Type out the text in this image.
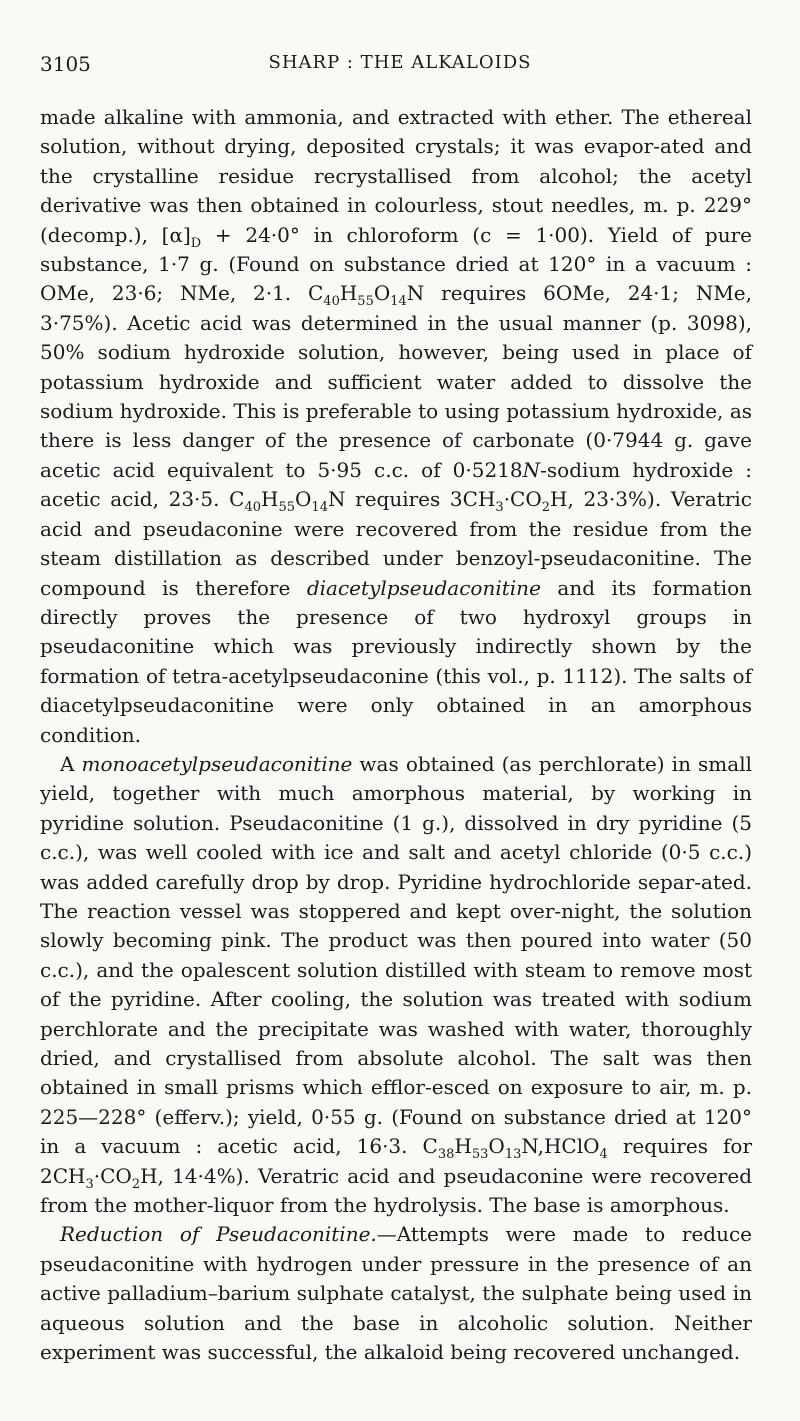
3105	SHARP : THE ALKALOIDS

made alkaline with ammonia, and extracted with ether. The ethereal solution, without drying, deposited crystals; it was evapor-ated and the crystalline residue recrystallised from alcohol; the acetyl derivative was then obtained in colourless, stout needles, m. p. 229° (decomp.), $[\alpha]_D + 24\cdot 0^\circ$ in chloroform (c = 1·00). Yield of pure substance, 1·7 g. (Found on substance dried at 120° in a vacuum : OMe, 23·6; NMe, 2·1. $C_{40}H_{55}O_{14}N$ requires 6OMe, 24·1; NMe, 3·75%). Acetic acid was determined in the usual manner (p. 3098), 50% sodium hydroxide solution, however, being used in place of potassium hydroxide and sufficient water added to dissolve the sodium hydroxide. This is preferable to using potassium hydroxide, as there is less danger of the presence of carbonate (0·7944 g. gave acetic acid equivalent to 5·95 c.c. of 0·5218N-sodium hydroxide : acetic acid, 23·5. $C_{40}H_{55}O_{14}N$ requires $3CH_3\cdot CO_2H$, 23·3%). Veratric acid and pseudaconine were recovered from the residue from the steam distillation as described under benzoyl-pseudaconitine. The compound is therefore diacetylpseudaconitine and its formation directly proves the presence of two hydroxyl groups in pseudaconitine which was previously indirectly shown by the formation of tetra-acetylpseudaconine (this vol., p. 1112). The salts of diacetylpseudaconitine were only obtained in an amorphous condition.

A monoacetylpseudaconitine was obtained (as perchlorate) in small yield, together with much amorphous material, by working in pyridine solution. Pseudaconitine (1 g.), dissolved in dry pyridine (5 c.c.), was well cooled with ice and salt and acetyl chloride (0·5 c.c.) was added carefully drop by drop. Pyridine hydrochloride separ-ated. The reaction vessel was stoppered and kept over-night, the solution slowly becoming pink. The product was then poured into water (50 c.c.), and the opalescent solution distilled with steam to remove most of the pyridine. After cooling, the solution was treated with sodium perchlorate and the precipitate was washed with water, thoroughly dried, and crystallised from absolute alcohol. The salt was then obtained in small prisms which efflor-esced on exposure to air, m. p. 225—228° (efferv.); yield, 0·55 g. (Found on substance dried at 120° in a vacuum : acetic acid, 16·3. $C_{38}H_{53}O_{13}N,HClO_4$ requires for $2CH_3\cdot CO_2H$, 14·4%). Veratric acid and pseudaconine were recovered from the mother-liquor from the hydrolysis. The base is amorphous.

Reduction of Pseudaconitine.—Attempts were made to reduce pseudaconitine with hydrogen under pressure in the presence of an active palladium–barium sulphate catalyst, the sulphate being used in aqueous solution and the base in alcoholic solution. Neither experiment was successful, the alkaloid being recovered unchanged.
